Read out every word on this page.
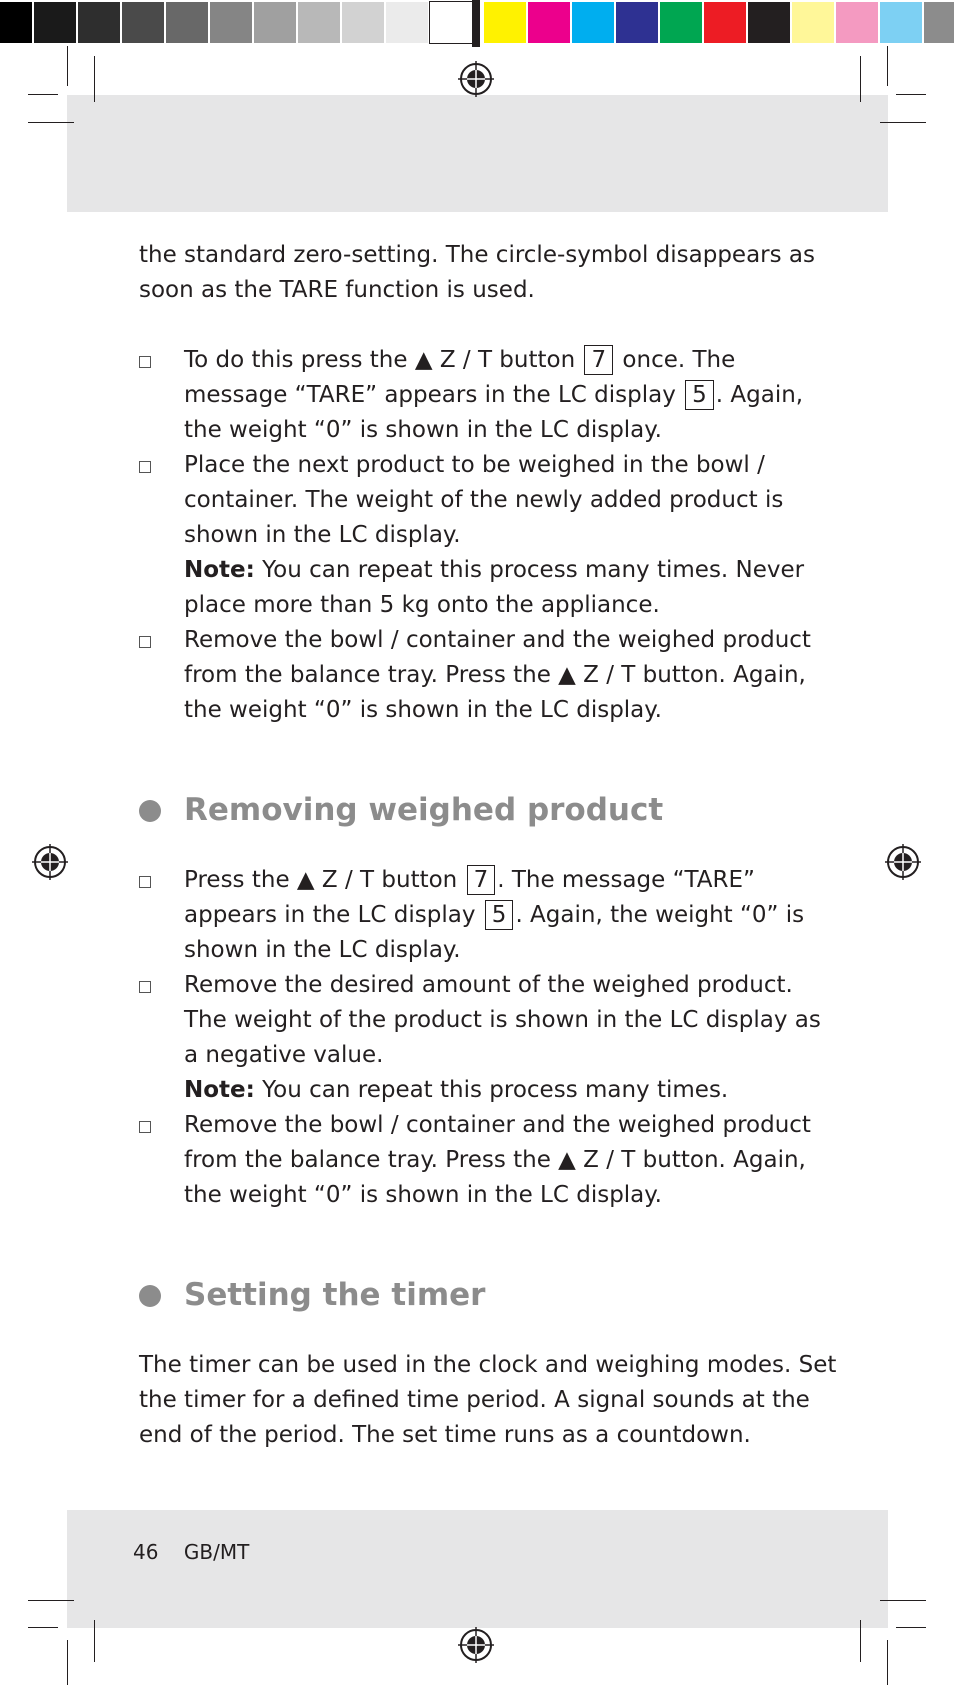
the standard zero-setting. The circle-symbol disappears as soon as the TARE function is used.

To do this press the ▲ Z / T button 7 once. The message “TARE” appears in the LC display 5 . Again, the weight “0” is shown in the LC display.
Place the next product to be weighed in the bowl / container. The weight of the newly added product is shown in the LC display.
Note: You can repeat this process many times. Never place more than 5 kg onto the appliance.
Remove the bowl / container and the weighed product from the balance tray. Press the ▲ Z / T button. Again, the weight “0” is shown in the LC display.
Removing weighed product
Press the ▲ Z / T button 7 . The message “TARE” appears in the LC display 5 . Again, the weight “0” is shown in the LC display.
Remove the desired amount of the weighed product. The weight of the product is shown in the LC display as a negative value.
Note: You can repeat this process many times.
Remove the bowl / container and the weighed product from the balance tray. Press the ▲ Z / T button. Again, the weight “0” is shown in the LC display.
Setting the timer

The timer can be used in the clock and weighing modes. Set the timer for a defined time period. A signal sounds at the end of the period. The set time runs as a countdown.

46 GB/MT
